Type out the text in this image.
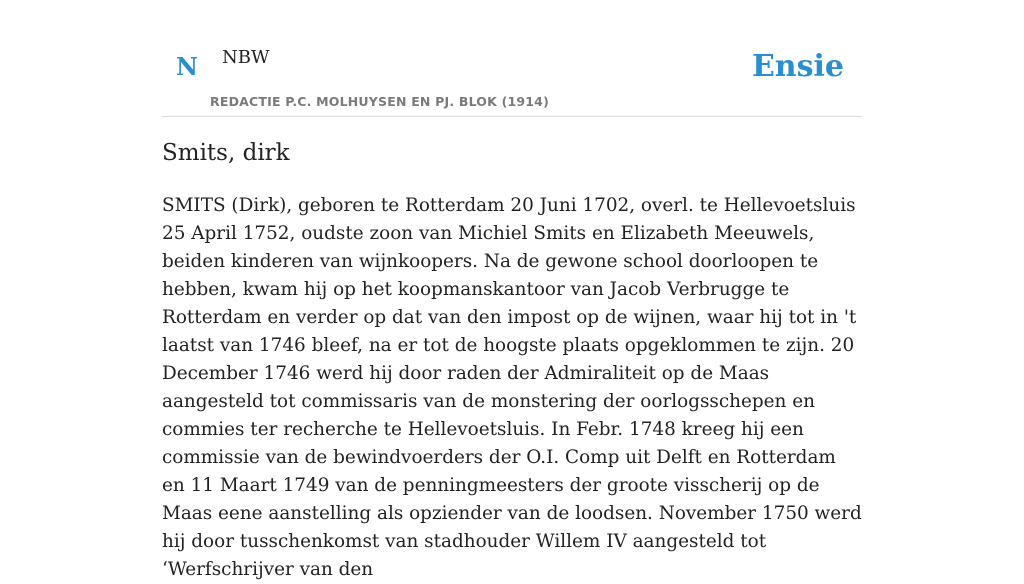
N NBW
REDACTIE P.C. MOLHUYSEN EN PJ. BLOK (1914)
Ensie
Smits, dirk

SMITS (Dirk), geboren te Rotterdam 20 Juni 1702, overl. te Hellevoetsluis 25 April 1752, oudste zoon van Michiel Smits en Elizabeth Meeuwels, beiden kinderen van wijnkoopers. Na de gewone school doorloopen te hebben, kwam hij op het koopmanskantoor van Jacob Verbrugge te Rotterdam en verder op dat van den impost op de wijnen, waar hij tot in 't laatst van 1746 bleef, na er tot de hoogste plaats opgeklommen te zijn. 20 December 1746 werd hij door raden der Admiraliteit op de Maas aangesteld tot commissaris van de monstering der oorlogsschepen en commies ter recherche te Hellevoetsluis. In Febr. 1748 kreeg hij een commissie van de bewindvoerders der O.I. Comp uit Delft en Rotterdam en 11 Maart 1749 van de penningmeesters der groote visscherij op de Maas eene aanstelling als opziender van de loodsen. November 1750 werd hij door tusschenkomst van stadhouder Willem IV aangesteld tot ‘Werfschrijver van den
